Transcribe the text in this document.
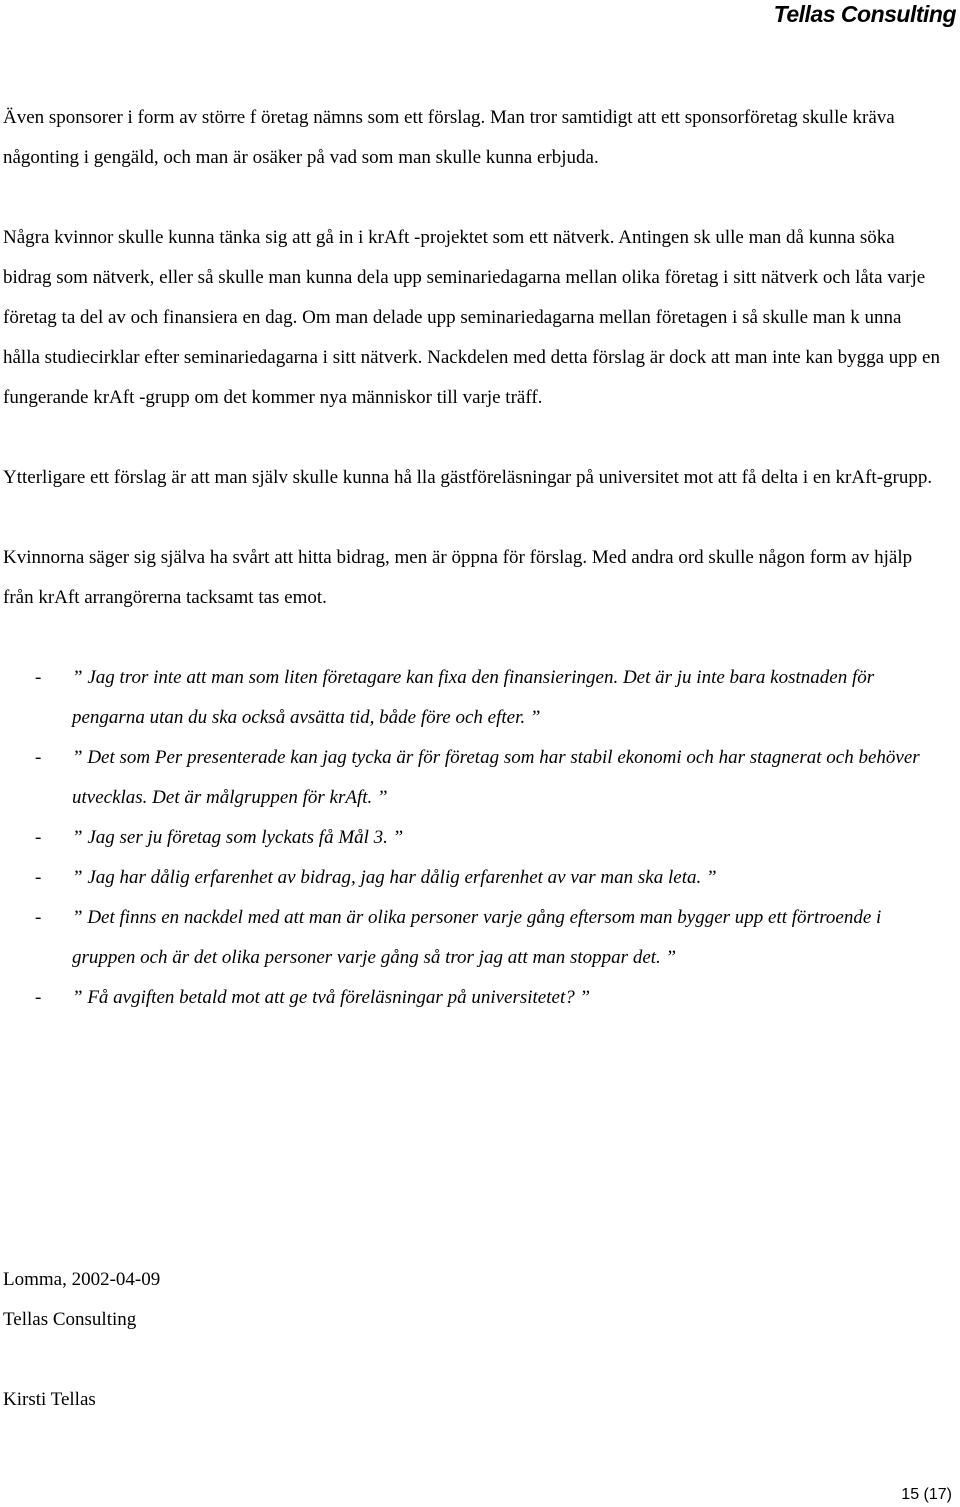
Tellas Consulting

Även sponsorer i form av större f öretag nämns som ett förslag. Man tror samtidigt att ett sponsorföretag skulle kräva någonting i gengäld, och man är osäker på vad som man skulle kunna erbjuda.

Några kvinnor skulle kunna tänka sig att gå in i krAft -projektet som ett nätverk. Antingen sk ulle man då kunna söka bidrag som nätverk, eller så skulle man kunna dela upp seminariedagarna mellan olika företag i sitt nätverk och låta varje företag ta del av och finansiera en dag. Om man delade upp seminariedagarna mellan företagen i så skulle man k unna hålla studiecirklar efter seminariedagarna i sitt nätverk. Nackdelen med detta förslag är dock att man inte kan bygga upp en fungerande krAft -grupp om det kommer nya människor till varje träff.

Ytterligare ett förslag är att man själv skulle kunna hå lla gästföreläsningar på universitet mot att få delta i en krAft-grupp.

Kvinnorna säger sig själva ha svårt att hitta bidrag, men är öppna för förslag. Med andra ord skulle någon form av hjälp från krAft arrangörerna tacksamt tas emot.

- ” Jag tror inte att man som liten företagare kan fixa den finansieringen. Det är ju inte bara kostnaden för pengarna utan du ska också avsätta tid, både före och efter. ”
- ” Det som Per presenterade kan jag tycka är för företag som har stabil ekonomi och har stagnerat och behöver utvecklas. Det är målgruppen för krAft. ”
- ” Jag ser ju företag som lyckats få Mål 3. ”
- ” Jag har dålig erfarenhet av bidrag, jag har dålig erfarenhet av var man ska leta. ”
- ” Det finns en nackdel med att man är olika personer varje gång eftersom man bygger upp ett förtroende i gruppen och är det olika personer varje gång så tror jag att man stoppar det. ”
- ” Få avgiften betald mot att ge två föreläsningar på universitetet? ”
Lomma, 2002-04-09
Tellas Consulting
Kirsti Tellas
15 (17)
